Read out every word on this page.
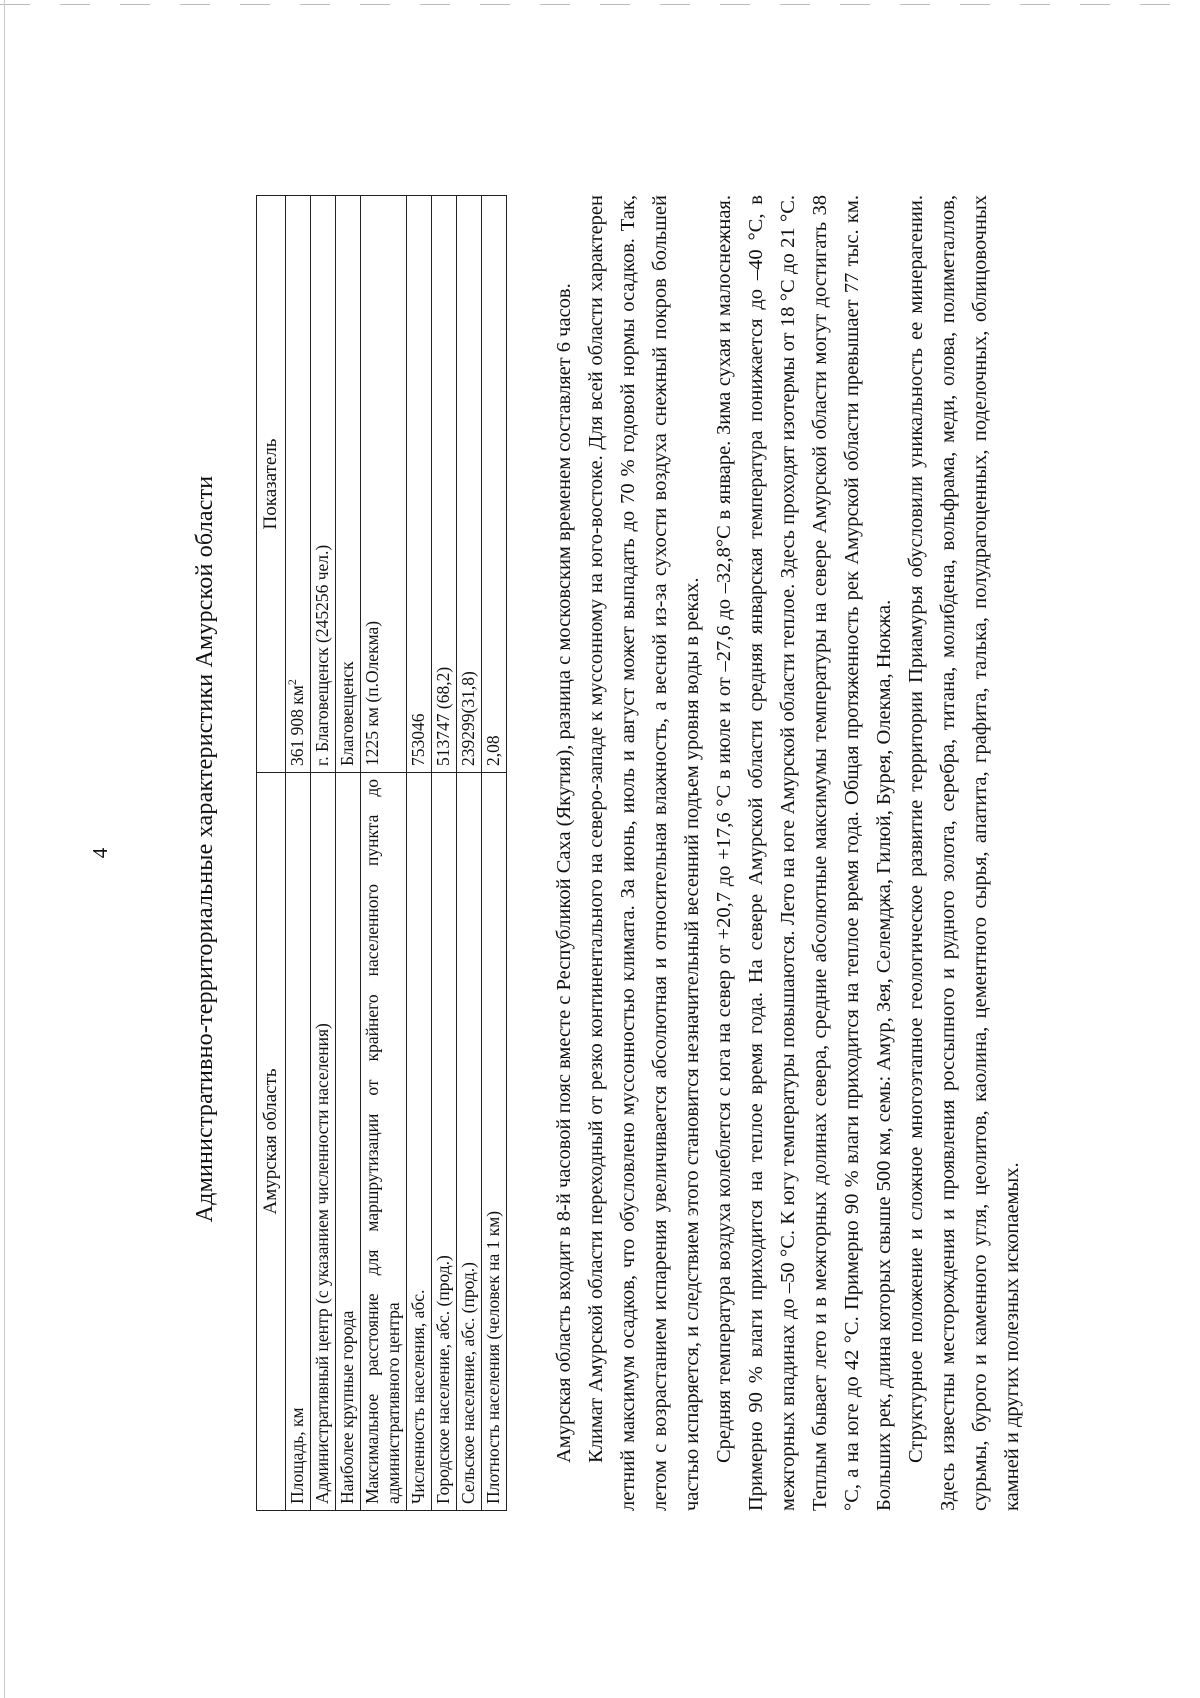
4	Административно-территориальные характеристики Амурской области Амурская область	Показатель
Площадь, км	361 908 $км^2$
Административный центр (с указанием численности населения)	г. Благовещенск (245256 чел.)
Наиболее крупные города	Благовещенск
Максимальное расстояние для маршрутизации от крайнего населенного пункта до административного центра	1225 км (п.Олекма)
Численность населения, абс.	753046
Городское население, абс. (прод.)	513747 (68,2)
Сельское население, абс. (прод.)	239299(31,8)
Плотность населения (человек на 1 км)	2,08 Амурская область входит в 8-й часовой пояс вместе с Республикой Саха (Якутия), разница с московским временем составляет 6 часов. Климат Амурской области переходный от резко континентального на северо-западе к муссонному на юго-востоке. Для всей области характерен летний максимум осадков, что обусловлено муссонностью климата. За июнь, июль и август может выпадать до 70 % годовой нормы осадков. Так, летом с возрастанием испарения увеличивается абсолютная и относительная влажность, а весной из-за сухости воздуха снежный покров большей частью испаряется, и следствием этого становится незначительный весенний подъем уровня воды в реках. Средняя температура воздуха колеблется с юга на север от +20,7 до +17,6 °С в июле и от –27,6 до –32,8°С в январе. Зима сухая и малоснежная. Примерно 90 % влаги приходится на теплое время года. На севере Амурской области средняя январская температура понижается до –40 °С, в межгорных впадинах до –50 °С. К югу температуры повышаются. Лето на юге Амурской области теплое. Здесь проходят изотермы от 18 °С до 21 °С. Теплым бывает лето и в межгорных долинах севера, средние абсолютные максимумы температуры на севере Амурской области могут достигать 38 °С, а на юге до 42 °С. Примерно 90 % влаги приходится на теплое время года. Общая протяженность рек Амурской области превышает 77 тыс. км. Больших рек, длина которых свыше 500 км, семь: Амур, Зея, Селемджа, Гилюй, Бурея, Олекма, Нюкжа. Структурное положение и сложное многоэтапное геологическое развитие территории Приамурья обусловили уникальность ее минерагении. Здесь известны месторождения и проявления россыпного и рудного золота, серебра, титана, молибдена, вольфрама, меди, олова, полиметаллов, сурьмы, бурого и каменного угля, цеолитов, каолина, цементного сырья, апатита, графита, талька, полудрагоценных, поделочных, облицовочных камней и других полезных ископаемых.
